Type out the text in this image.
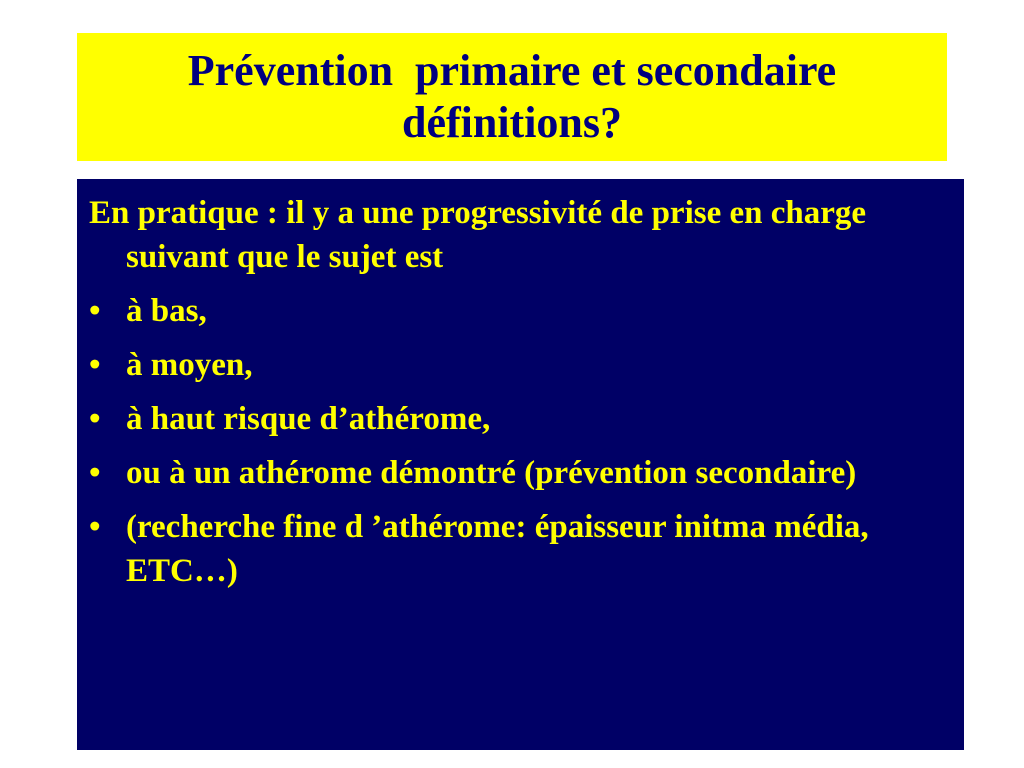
Prévention  primaire et secondaire
définitions?

En pratique : il y a une progressivité de prise en charge suivant que le sujet est

• à bas,
• à moyen,
• à haut risque d’athérome,
• ou à un athérome démontré (prévention secondaire)
• (recherche fine d ’athérome: épaisseur initma média, ETC…)
